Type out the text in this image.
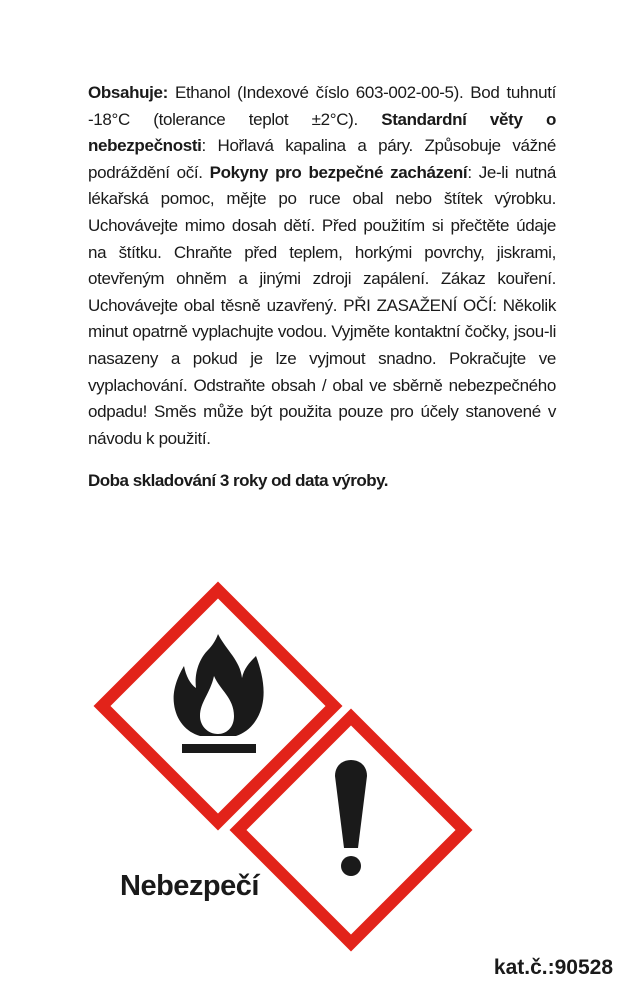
Obsahuje: Ethanol (Indexové číslo 603-002-00-5). Bod tuhnutí -18°C (tolerance teplot ±2°C). Standardní věty o nebezpečnosti: Hořlavá kapalina a páry. Způsobuje vážné podráždění očí. Pokyny pro bezpečné zacházení: Je-li nutná lékařská pomoc, mějte po ruce obal nebo štítek výrobku. Uchovávejte mimo dosah dětí. Před použitím si přečtěte údaje na štítku. Chraňte před teplem, horkými povrchy, jiskrami, otevřeným ohněm a jinými zdroji zapálení. Zákaz kouření. Uchovávejte obal těsně uzavřený. PŘI ZASAŽENÍ OČÍ: Několik minut opatrně vyplachujte vodou. Vyjměte kontaktní čočky, jsou-li nasazeny a pokud je lze vyjmout snadno. Pokračujte ve vyplachování. Odstraňte obsah / obal ve sběrně nebezpečného odpadu! Směs může být použita pouze pro účely stanovené v návodu k použití.

Doba skladování 3 roky od data výroby.

Nebezpečí

kat.č.:90528
